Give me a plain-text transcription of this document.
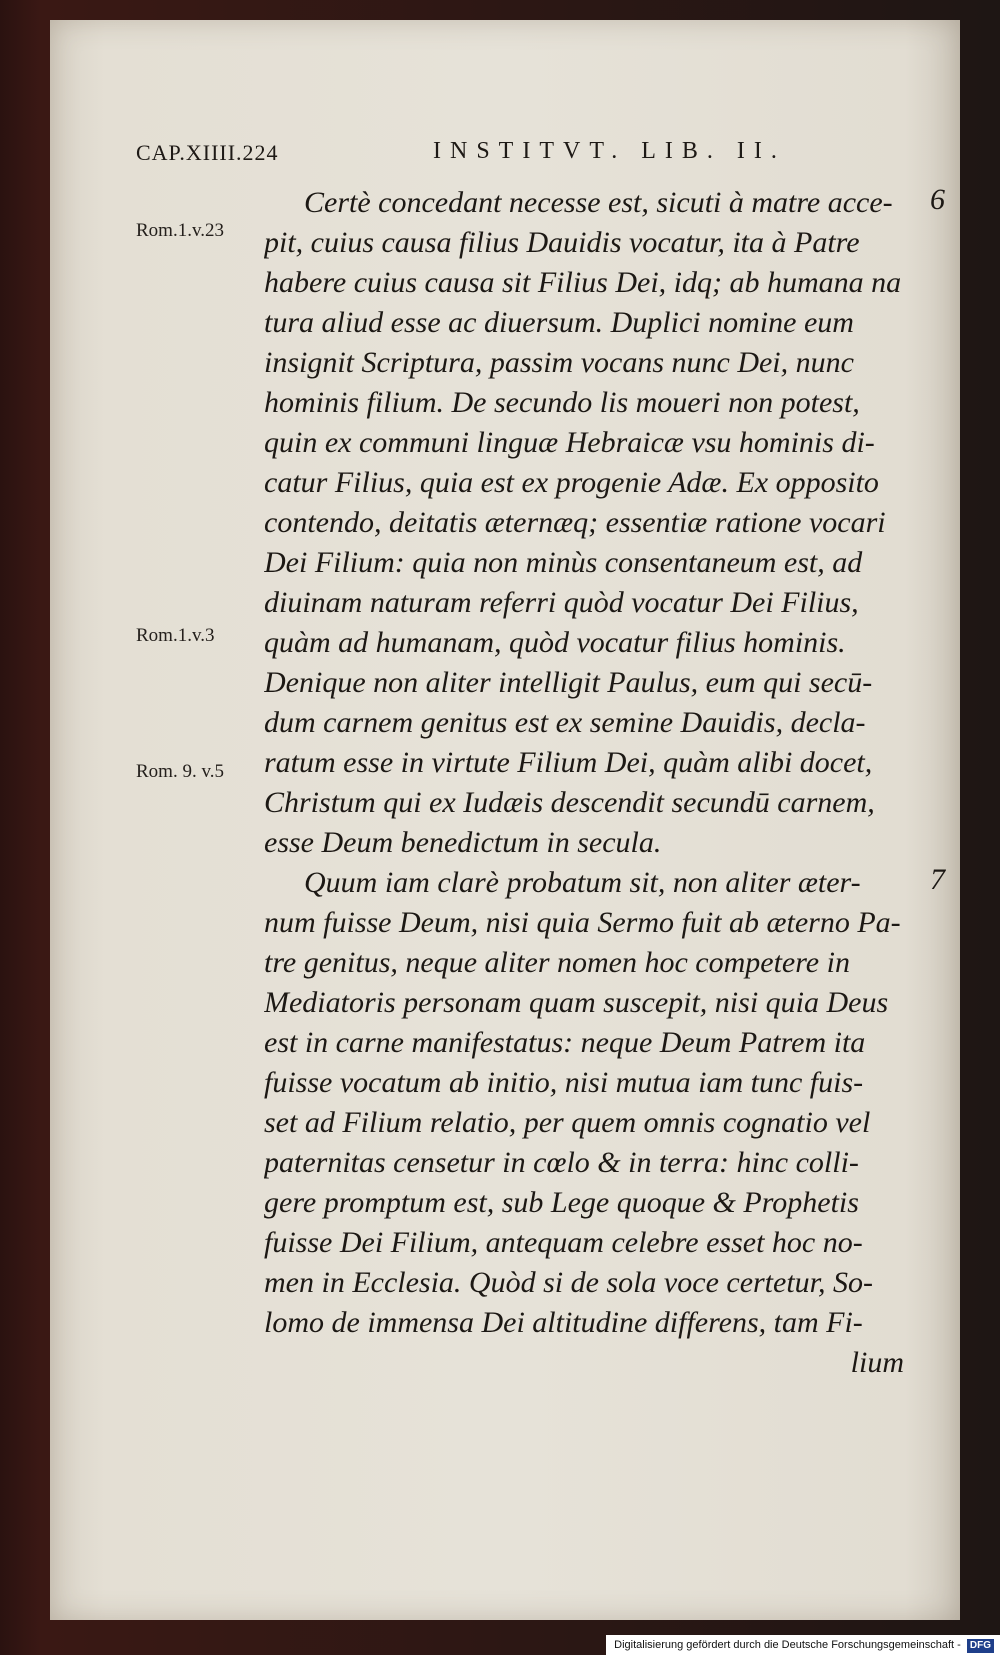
CAP.XIIII.224	INSTITVT. LIB. II.
Rom.1.v.23
Rom.1.v.3
Rom. 9. v.5
6
7
Certè concedant necesse est, sicuti à matre acce-
pit, cuius causa filius Dauidis vocatur, ita à Patre
habere cuius causa sit Filius Dei, idq; ab humana na
tura aliud esse ac diuersum. Duplici nomine eum
insignit Scriptura, passim vocans nunc Dei, nunc
hominis filium. De secundo lis moueri non potest,
quin ex communi linguæ Hebraicæ vsu hominis di-
catur Filius, quia est ex progenie Adæ. Ex opposito
contendo, deitatis æternæq; essentiæ ratione vocari
Dei Filium: quia non minùs consentaneum est, ad
diuinam naturam referri quòd vocatur Dei Filius,
quàm ad humanam, quòd vocatur filius hominis.
Denique non aliter intelligit Paulus, eum qui secū-
dum carnem genitus est ex semine Dauidis, decla-
ratum esse in virtute Filium Dei, quàm alibi docet,
Christum qui ex Iudæis descendit secundū carnem,
esse Deum benedictum in secula.
Quum iam clarè probatum sit, non aliter æter-
num fuisse Deum, nisi quia Sermo fuit ab æterno Pa-
tre genitus, neque aliter nomen hoc competere in
Mediatoris personam quam suscepit, nisi quia Deus
est in carne manifestatus: neque Deum Patrem ita
fuisse vocatum ab initio, nisi mutua iam tunc fuis-
set ad Filium relatio, per quem omnis cognatio vel
paternitas censetur in cœlo & in terra: hinc colli-
gere promptum est, sub Lege quoque & Prophetis
fuisse Dei Filium, antequam celebre esset hoc no-
men in Ecclesia. Quòd si de sola voce certetur, So-
lomo de immensa Dei altitudine differens, tam Fi-
lium
Digitalisierung gefördert durch die Deutsche Forschungsgemeinschaft - DFG
